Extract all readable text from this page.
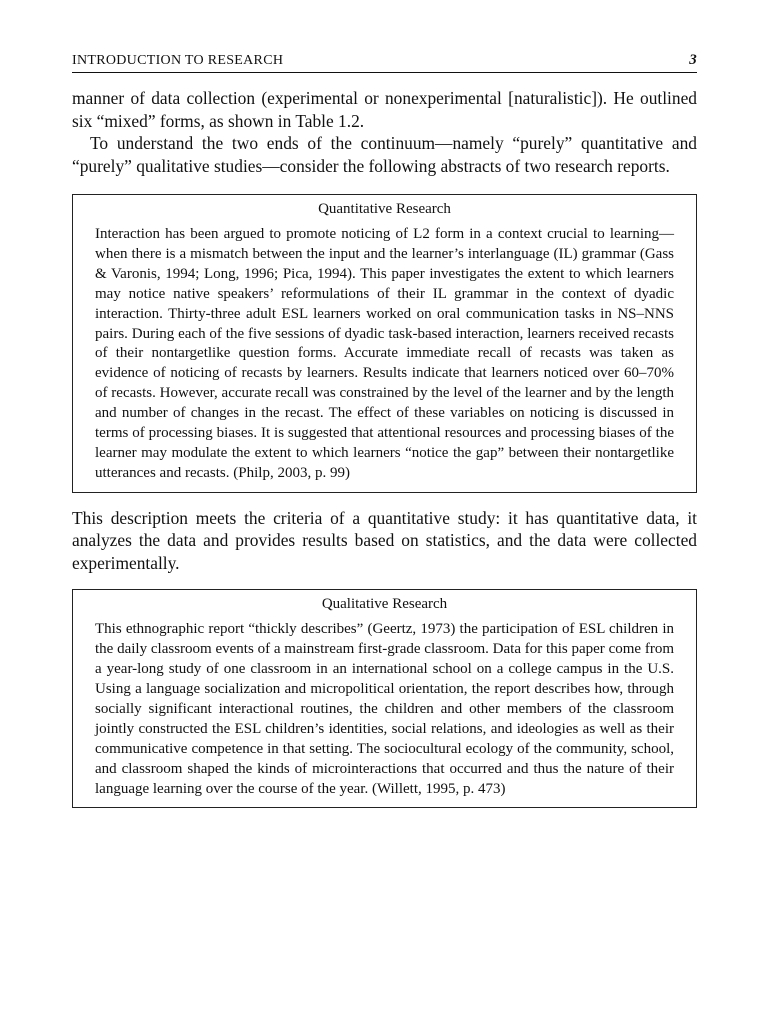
INTRODUCTION TO RESEARCH	3

manner of data collection (experimental or nonexperimental [naturalistic]). He outlined six “mixed” forms, as shown in Table 1.2.

To understand the two ends of the continuum—namely “purely” quantitative and “purely” qualitative studies—consider the following abstracts of two research reports.

Quantitative Research

Interaction has been argued to promote noticing of L2 form in a context crucial to learning—when there is a mismatch between the input and the learner’s interlanguage (IL) grammar (Gass & Varonis, 1994; Long, 1996; Pica, 1994). This paper investigates the extent to which learners may notice native speakers’ reformulations of their IL grammar in the context of dyadic interaction. Thirty-three adult ESL learners worked on oral communication tasks in NS–NNS pairs. During each of the five sessions of dyadic task-based interaction, learners received recasts of their nontargetlike question forms. Accurate immediate recall of recasts was taken as evidence of noticing of recasts by learners. Results indicate that learners noticed over 60–70% of recasts. However, accurate recall was constrained by the level of the learner and by the length and number of changes in the recast. The effect of these variables on noticing is discussed in terms of processing biases. It is suggested that attentional resources and processing biases of the learner may modulate the extent to which learners “notice the gap” between their nontargetlike utterances and recasts. (Philp, 2003, p. 99)

This description meets the criteria of a quantitative study: it has quantitative data, it analyzes the data and provides results based on statistics, and the data were collected experimentally.

Qualitative Research

This ethnographic report “thickly describes” (Geertz, 1973) the participation of ESL children in the daily classroom events of a mainstream first-grade classroom. Data for this paper come from a year-long study of one classroom in an international school on a college campus in the U.S. Using a language socialization and micropolitical orientation, the report describes how, through socially significant interactional routines, the children and other members of the classroom jointly constructed the ESL children’s identities, social relations, and ideologies as well as their communicative competence in that setting. The sociocultural ecology of the community, school, and classroom shaped the kinds of microinteractions that occurred and thus the nature of their language learning over the course of the year. (Willett, 1995, p. 473)
